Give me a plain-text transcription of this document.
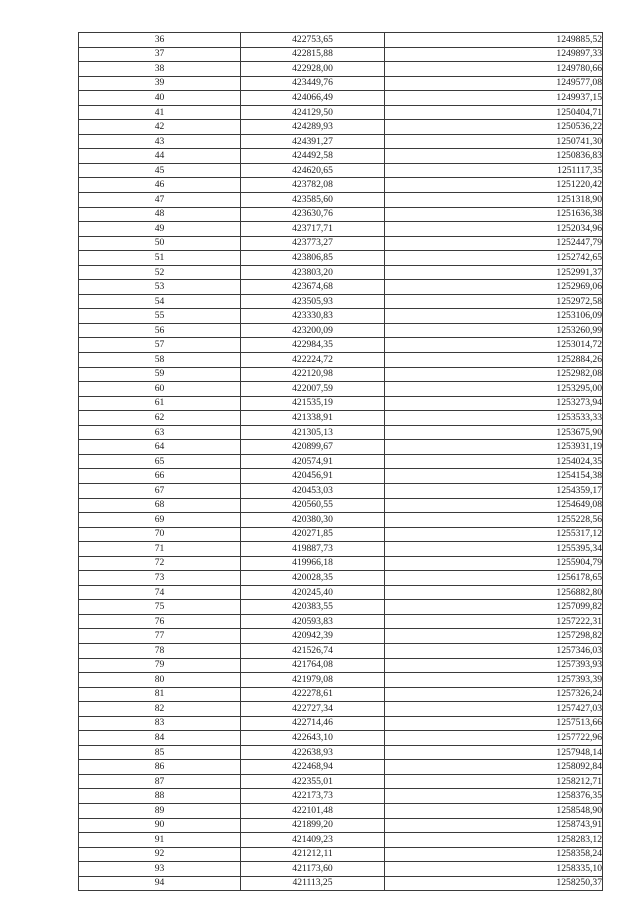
36	422753,65	1249885,52
37	422815,88	1249897,33
38	422928,00	1249780,66
39	423449,76	1249577,08
40	424066,49	1249937,15
41	424129,50	1250404,71
42	424289,93	1250536,22
43	424391,27	1250741,30
44	424492,58	1250836,83
45	424620,65	1251117,35
46	423782,08	1251220,42
47	423585,60	1251318,90
48	423630,76	1251636,38
49	423717,71	1252034,96
50	423773,27	1252447,79
51	423806,85	1252742,65
52	423803,20	1252991,37
53	423674,68	1252969,06
54	423505,93	1252972,58
55	423330,83	1253106,09
56	423200,09	1253260,99
57	422984,35	1253014,72
58	422224,72	1252884,26
59	422120,98	1252982,08
60	422007,59	1253295,00
61	421535,19	1253273,94
62	421338,91	1253533,33
63	421305,13	1253675,90
64	420899,67	1253931,19
65	420574,91	1254024,35
66	420456,91	1254154,38
67	420453,03	1254359,17
68	420560,55	1254649,08
69	420380,30	1255228,56
70	420271,85	1255317,12
71	419887,73	1255395,34
72	419966,18	1255904,79
73	420028,35	1256178,65
74	420245,40	1256882,80
75	420383,55	1257099,82
76	420593,83	1257222,31
77	420942,39	1257298,82
78	421526,74	1257346,03
79	421764,08	1257393,93
80	421979,08	1257393,39
81	422278,61	1257326,24
82	422727,34	1257427,03
83	422714,46	1257513,66
84	422643,10	1257722,96
85	422638,93	1257948,14
86	422468,94	1258092,84
87	422355,01	1258212,71
88	422173,73	1258376,35
89	422101,48	1258548,90
90	421899,20	1258743,91
91	421409,23	1258283,12
92	421212,11	1258358,24
93	421173,60	1258335,10
94	421113,25	1258250,37
